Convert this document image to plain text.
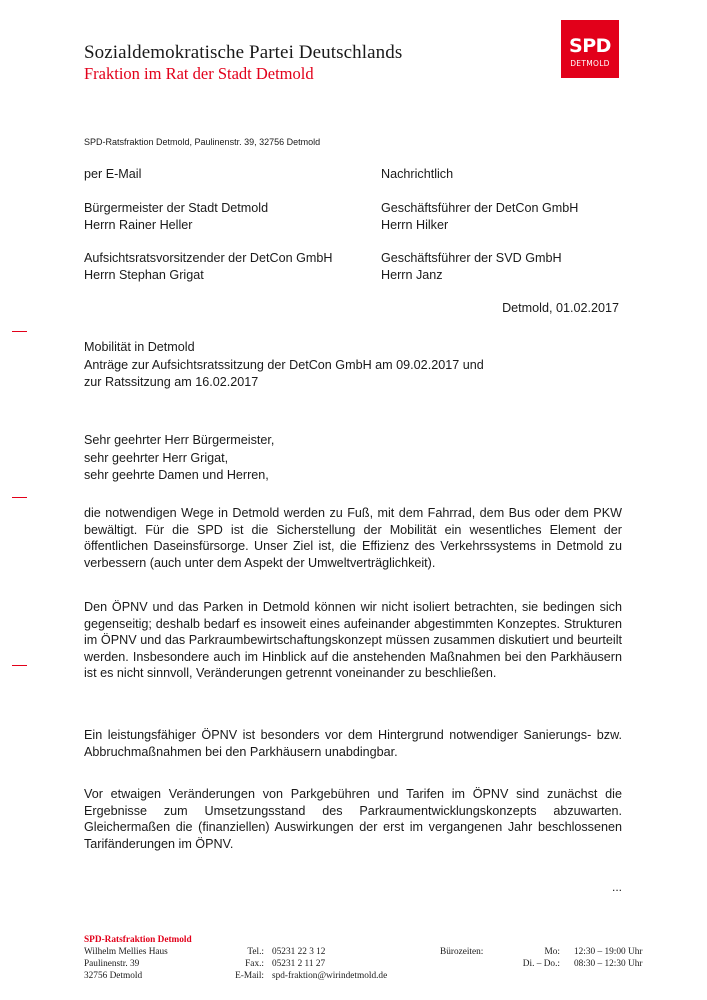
Sozialdemokratische Partei Deutschlands
Fraktion im Rat der Stadt Detmold
SPD
DETMOLD
SPD-Ratsfraktion Detmold, Paulinenstr. 39, 32756 Detmold
per E-Mail	Nachrichtlich
Bürgermeister der Stadt Detmold
Herrn Rainer Heller
Geschäftsführer der DetCon GmbH
Herrn Hilker
Aufsichtsratsvorsitzender der DetCon GmbH
Herrn Stephan Grigat
Geschäftsführer der SVD GmbH
Herrn Janz
Detmold, 01.02.2017
Mobilität in Detmold
Anträge zur Aufsichtsratssitzung der DetCon GmbH am 09.02.2017 und
zur Ratssitzung am 16.02.2017
Sehr geehrter Herr Bürgermeister,
sehr geehrter Herr Grigat,
sehr geehrte Damen und Herren,
die notwendigen Wege in Detmold werden zu Fuß, mit dem Fahrrad, dem Bus oder dem PKW bewältigt. Für die SPD ist die Sicherstellung der Mobilität ein wesentliches Element der öffentlichen Daseinsfürsorge. Unser Ziel ist, die Effizienz des Verkehrssystems in Detmold zu verbessern (auch unter dem Aspekt der Umweltverträglichkeit).
Den ÖPNV und das Parken in Detmold können wir nicht isoliert betrachten, sie bedingen sich gegenseitig; deshalb bedarf es insoweit eines aufeinander abgestimmten Konzeptes. Strukturen im ÖPNV und das Parkraumbewirtschaftungskonzept müssen zusammen diskutiert und beurteilt werden. Insbesondere auch im Hinblick auf die anstehenden Maßnahmen bei den Parkhäusern ist es nicht sinnvoll, Veränderungen getrennt voneinander zu beschließen.
Ein leistungsfähiger ÖPNV ist besonders vor dem Hintergrund notwendiger Sanierungs- bzw. Abbruchmaßnahmen bei den Parkhäusern unabdingbar.
Vor etwaigen Veränderungen von Parkgebühren und Tarifen im ÖPNV sind zunächst die Ergebnisse zum Umsetzungsstand des Parkraumentwicklungskonzepts abzuwarten. Gleichermaßen die (finanziellen) Auswirkungen der erst im vergangenen Jahr beschlossenen Tarifänderungen im ÖPNV.
...
SPD-Ratsfraktion Detmold
Wilhelm Mellies Haus
Paulinenstr. 39
32756 Detmold
Tel.: 05231 22 3 12
Fax.: 05231 2 11 27
E-Mail: spd-fraktion@wirindetmold.de
Bürozeiten:	Mo: 12:30 – 19:00 Uhr
Di. – Do.: 08:30 – 12:30 Uhr
